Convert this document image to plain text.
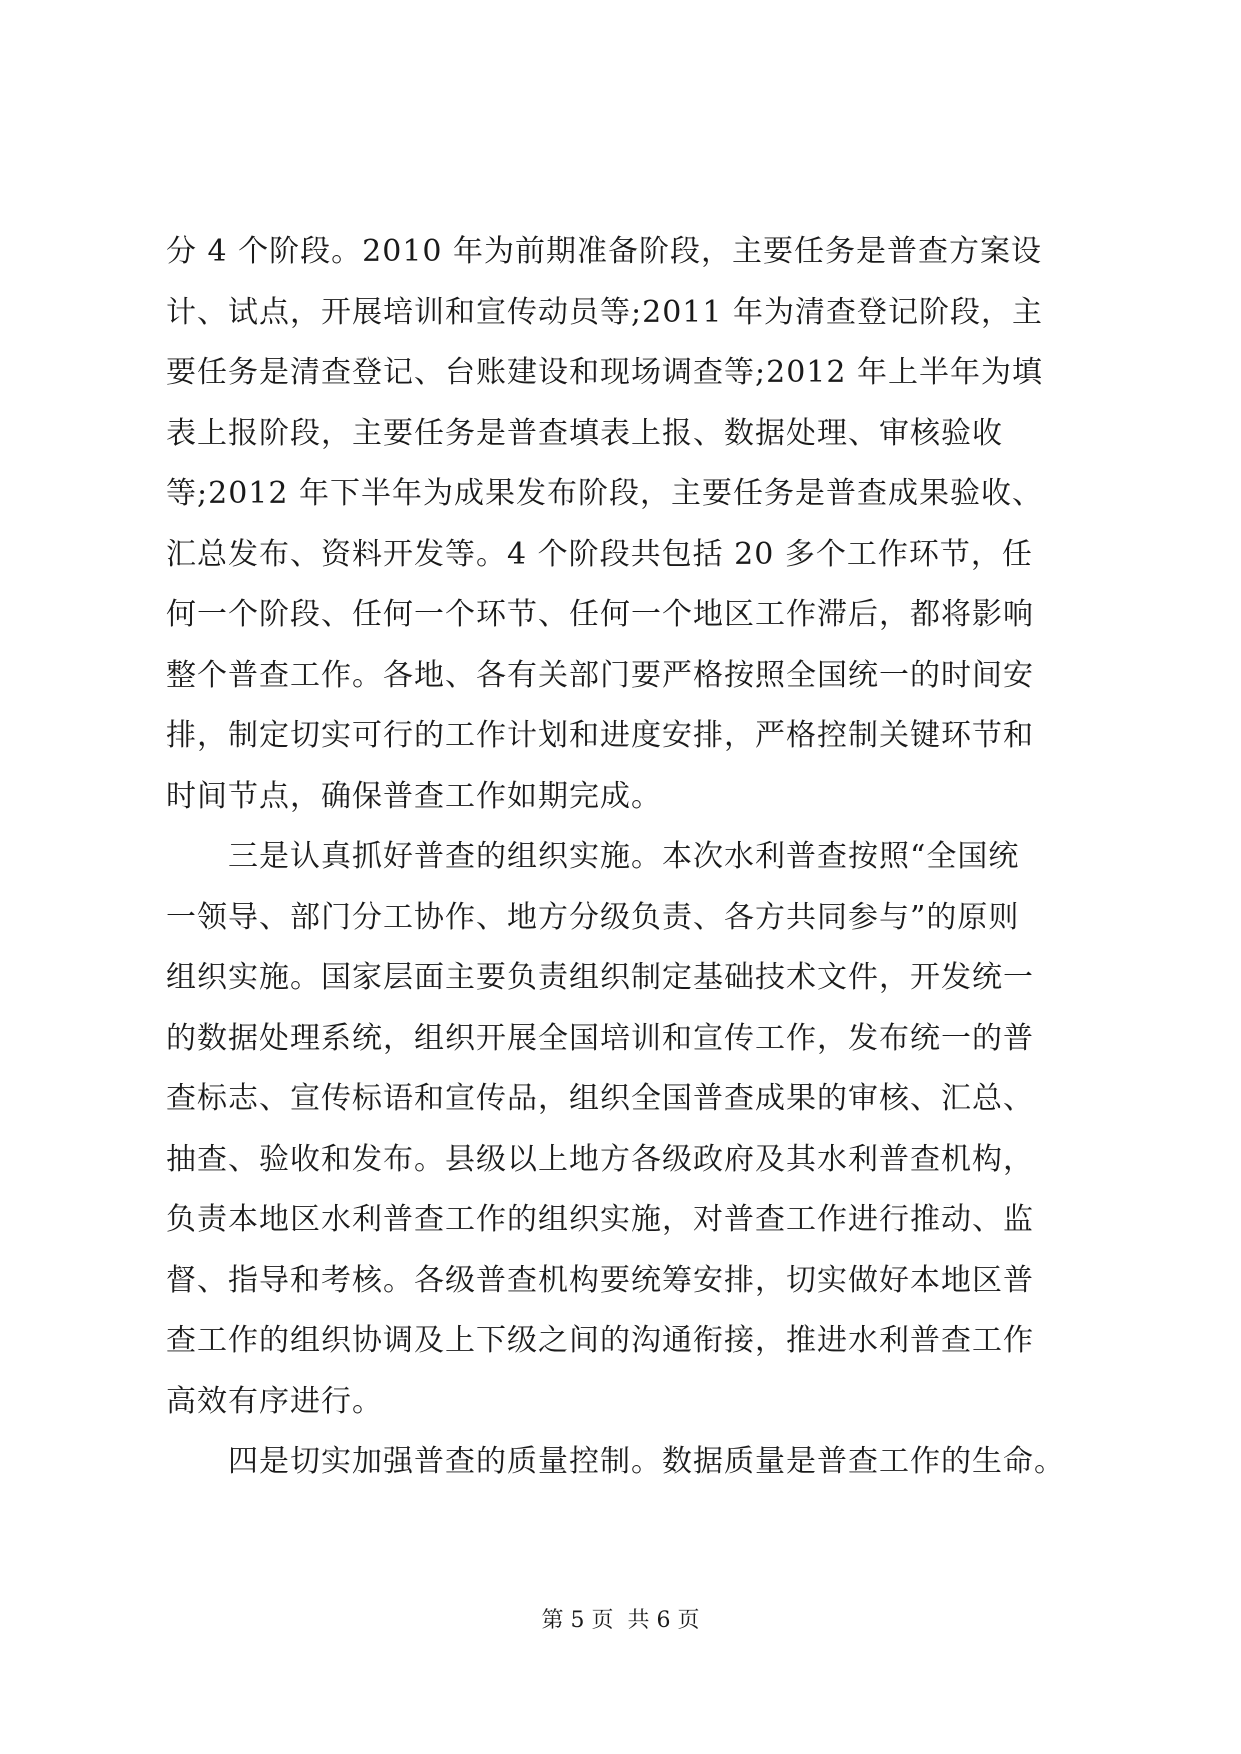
分 4 个阶段。2010 年为前期准备阶段，主要任务是普查方案设
计、试点，开展培训和宣传动员等;2011 年为清查登记阶段，主
要任务是清查登记、台账建设和现场调查等;2012 年上半年为填
表上报阶段，主要任务是普查填表上报、数据处理、审核验收
等;2012 年下半年为成果发布阶段，主要任务是普查成果验收、
汇总发布、资料开发等。4 个阶段共包括 20 多个工作环节，任
何一个阶段、任何一个环节、任何一个地区工作滞后，都将影响
整个普查工作。各地、各有关部门要严格按照全国统一的时间安
排，制定切实可行的工作计划和进度安排，严格控制关键环节和
时间节点，确保普查工作如期完成。
　　三是认真抓好普查的组织实施。本次水利普查按照“全国统
一领导、部门分工协作、地方分级负责、各方共同参与”的原则
组织实施。国家层面主要负责组织制定基础技术文件，开发统一
的数据处理系统，组织开展全国培训和宣传工作，发布统一的普
查标志、宣传标语和宣传品，组织全国普查成果的审核、汇总、
抽查、验收和发布。县级以上地方各级政府及其水利普查机构，
负责本地区水利普查工作的组织实施，对普查工作进行推动、监
督、指导和考核。各级普查机构要统筹安排，切实做好本地区普
查工作的组织协调及上下级之间的沟通衔接，推进水利普查工作
高效有序进行。
　　四是切实加强普查的质量控制。数据质量是普查工作的生命。
第 5 页  共 6 页
